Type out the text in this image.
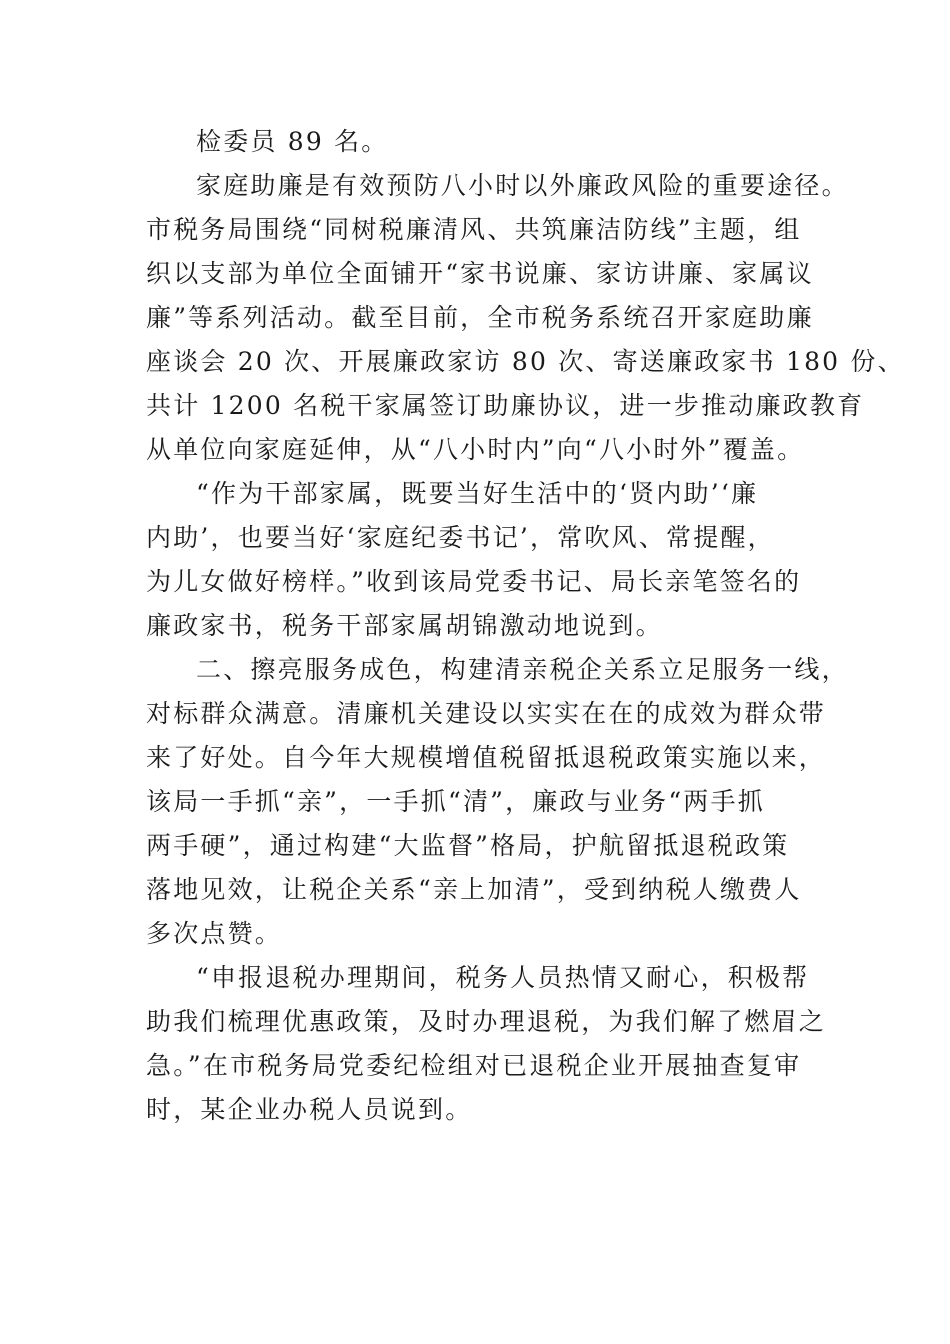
检委员 89 名。
家庭助廉是有效预防八小时以外廉政风险的重要途径。
市税务局围绕“同树税廉清风、共筑廉洁防线”主题，组
织以支部为单位全面铺开“家书说廉、家访讲廉、家属议
廉”等系列活动。截至目前，全市税务系统召开家庭助廉
座谈会 20 次、开展廉政家访 80 次、寄送廉政家书 180 份、
共计 1200 名税干家属签订助廉协议，进一步推动廉政教育
从单位向家庭延伸，从“八小时内”向“八小时外”覆盖。
“作为干部家属，既要当好生活中的‘贤内助’‘廉
内助’，也要当好‘家庭纪委书记’，常吹风、常提醒，
为儿女做好榜样。”收到该局党委书记、局长亲笔签名的
廉政家书，税务干部家属胡锦激动地说到。
二、擦亮服务成色，构建清亲税企关系立足服务一线，
对标群众满意。清廉机关建设以实实在在的成效为群众带
来了好处。自今年大规模增值税留抵退税政策实施以来，
该局一手抓“亲”，一手抓“清”，廉政与业务“两手抓
两手硬”，通过构建“大监督”格局，护航留抵退税政策
落地见效，让税企关系“亲上加清”，受到纳税人缴费人
多次点赞。
“申报退税办理期间，税务人员热情又耐心，积极帮
助我们梳理优惠政策，及时办理退税，为我们解了燃眉之
急。”在市税务局党委纪检组对已退税企业开展抽查复审
时，某企业办税人员说到。
